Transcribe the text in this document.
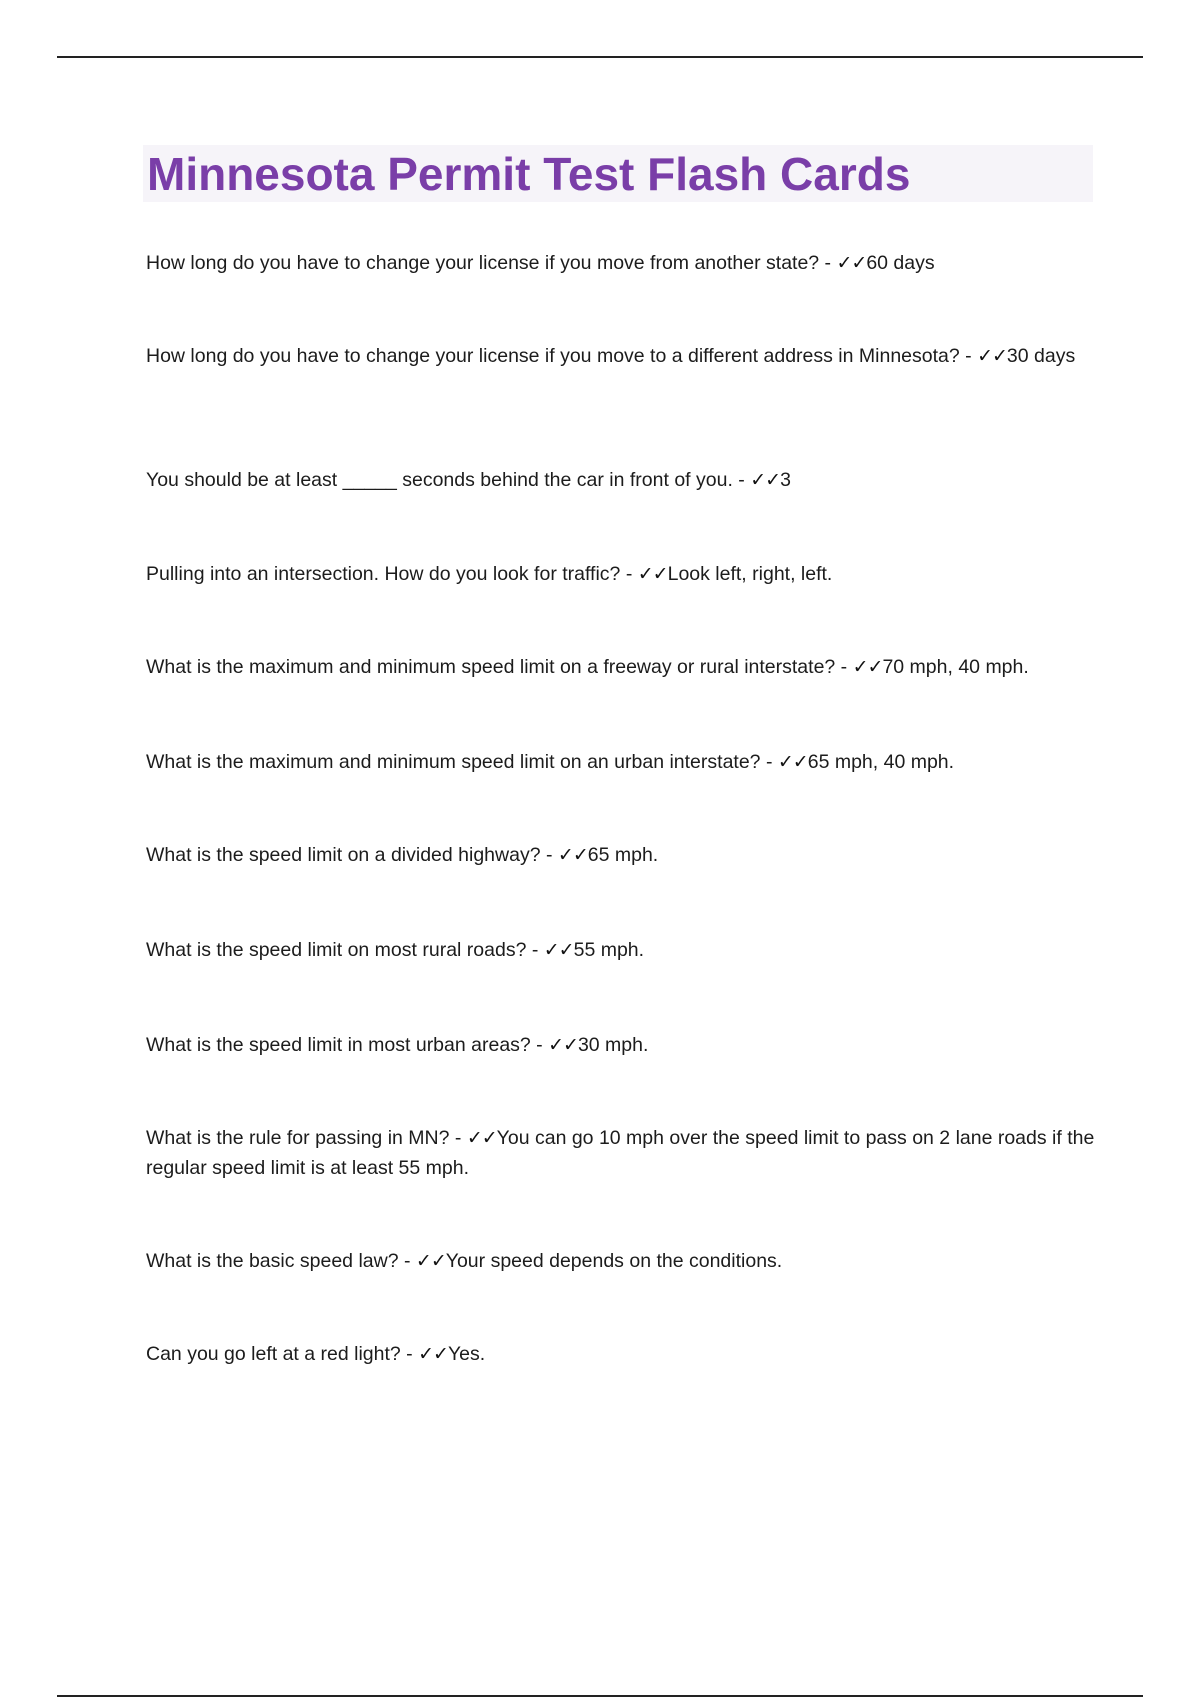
Minnesota Permit Test Flash Cards

How long do you have to change your license if you move from another state? - ✓✓60 days

How long do you have to change your license if you move to a different address in Minnesota? - ✓✓30 days

You should be at least _____ seconds behind the car in front of you. - ✓✓3

Pulling into an intersection. How do you look for traffic? - ✓✓Look left, right, left.

What is the maximum and minimum speed limit on a freeway or rural interstate? - ✓✓70 mph, 40 mph.

What is the maximum and minimum speed limit on an urban interstate? - ✓✓65 mph, 40 mph.

What is the speed limit on a divided highway? - ✓✓65 mph.

What is the speed limit on most rural roads? - ✓✓55 mph.

What is the speed limit in most urban areas? - ✓✓30 mph.

What is the rule for passing in MN? - ✓✓You can go 10 mph over the speed limit to pass on 2 lane roads if the regular speed limit is at least 55 mph.

What is the basic speed law? - ✓✓Your speed depends on the conditions.

Can you go left at a red light? - ✓✓Yes.
